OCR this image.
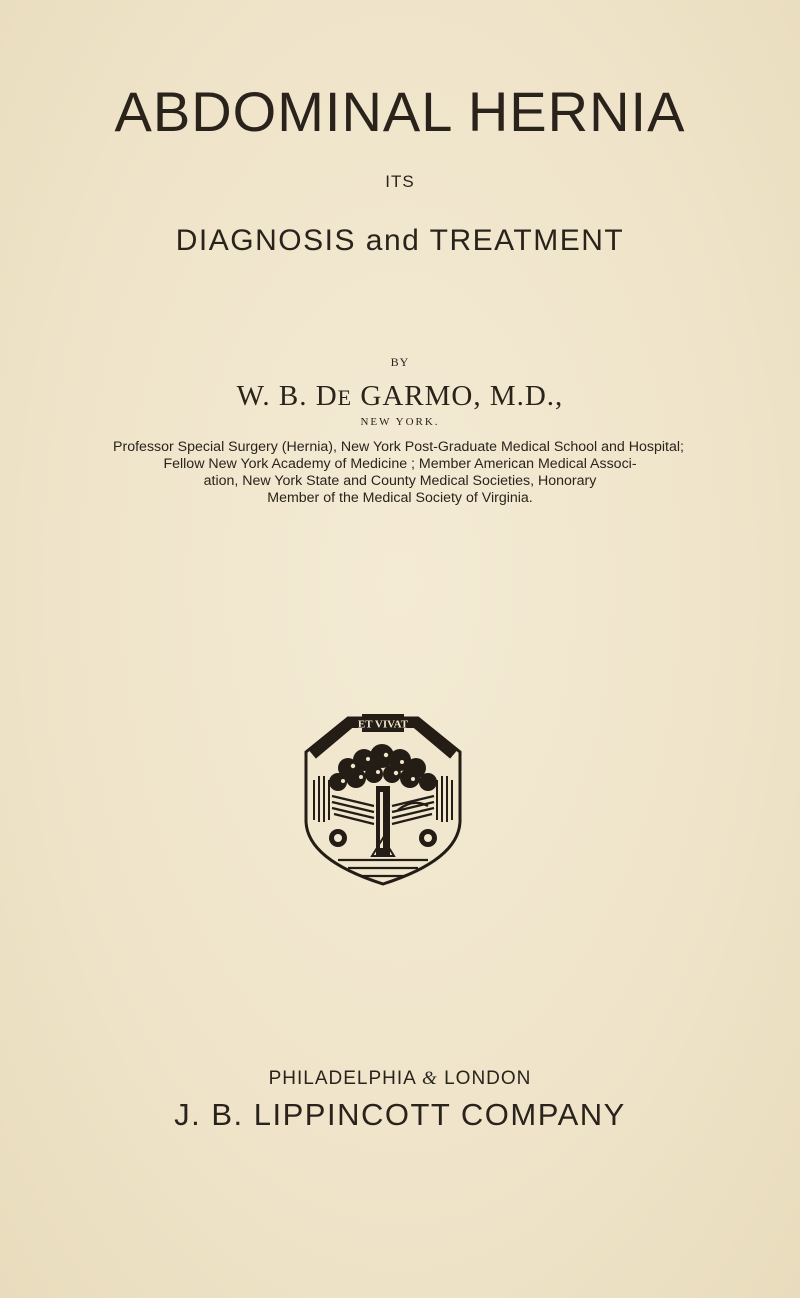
ABDOMINAL HERNIA
ITS
DIAGNOSIS and TREATMENT
BY
W. B. DE GARMO, M.D.,
NEW YORK.
Professor Special Surgery (Hernia), New York Post-Graduate Medical School and Hospital;
Fellow New York Academy of Medicine ; Member American Medical Associ-
ation, New York State and County Medical Societies, Honorary
Member of the Medical Society of Virginia.
ET VIVAT
PHILADELPHIA & LONDON
J. B. LIPPINCOTT COMPANY
